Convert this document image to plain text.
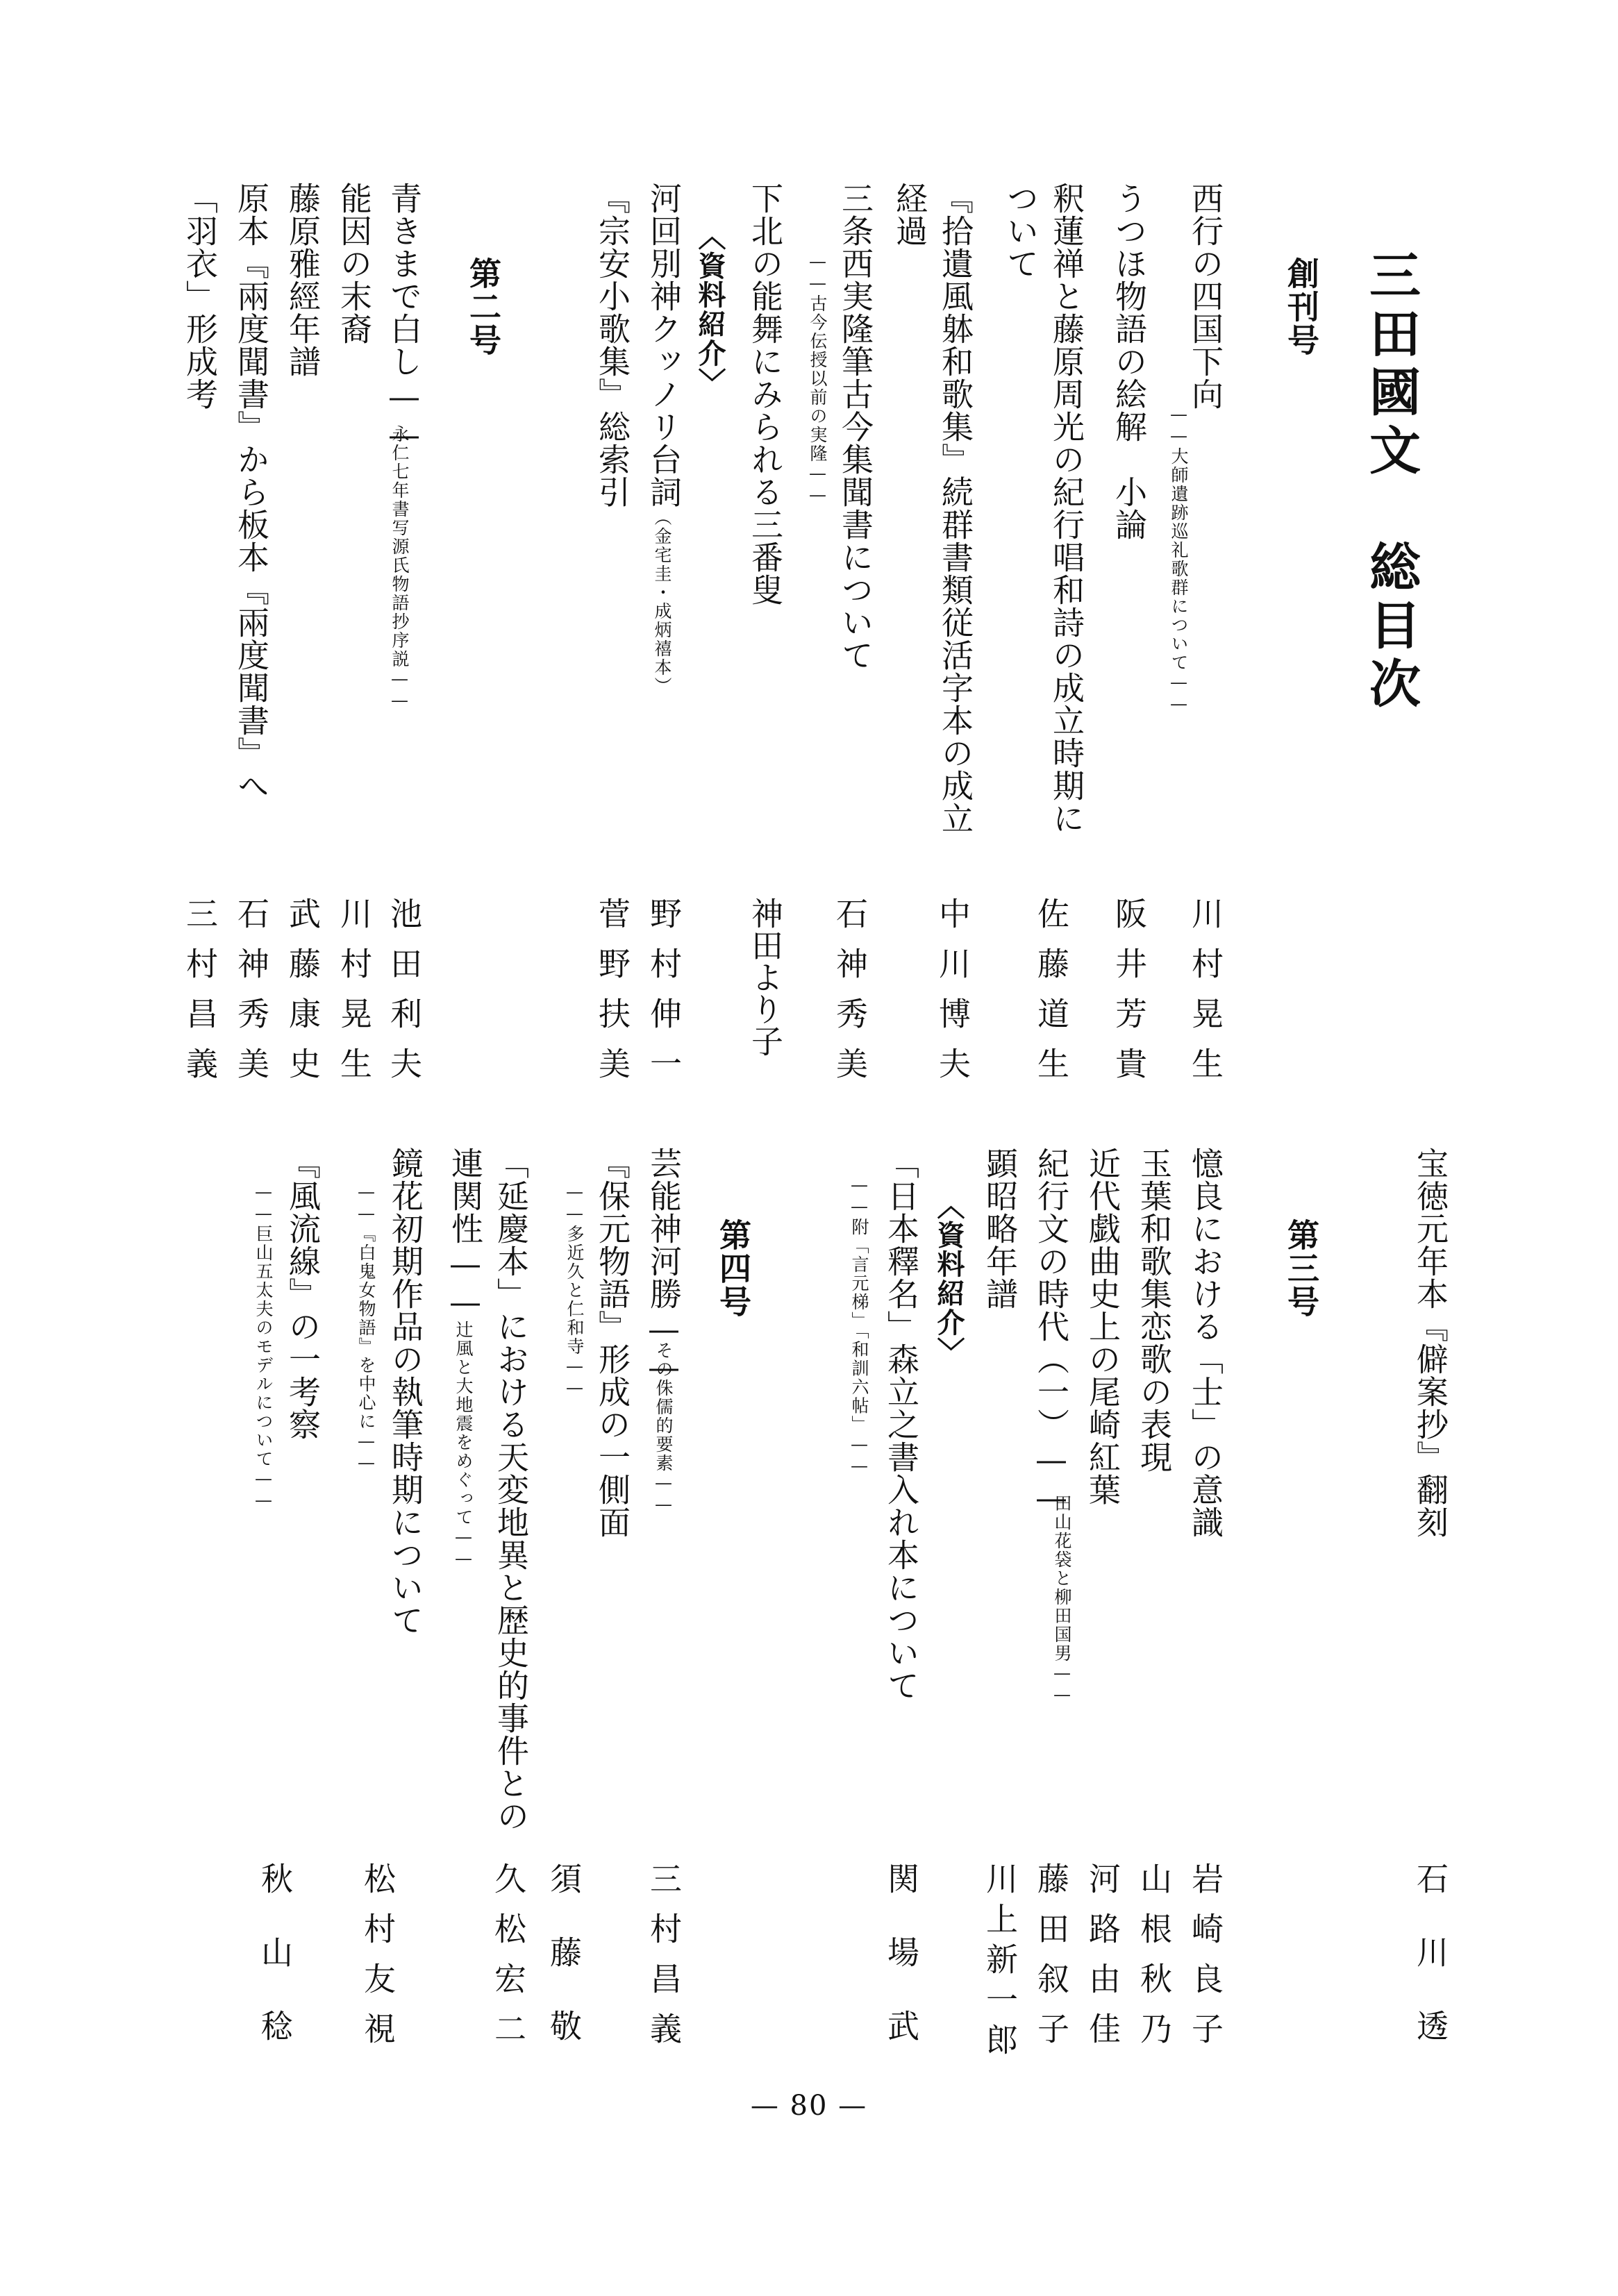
三田國文　総目次
創刊号
西行の四国下向
——大師遺跡巡礼歌群について——
川村晃生
うつほ物語の絵解　小論
阪井芳貴
釈蓮禅と藤原周光の紀行唱和詩の成立時期に
ついて
佐藤道生
『拾遺風躰和歌集』続群書類従活字本の成立
経過
中川博夫
三条西実隆筆古今集聞書について
——古今伝授以前の実隆——
石神秀美
下北の能舞にみられる三番叟
神田より子
〈資料紹介〉
河回別神クッノリ台詞
（金宅圭・成炳禧本）
野村伸一
『宗安小歌集』総索引
菅野扶美
第二号
青きまで白し——
永仁七年書写源氏物語抄序説——
池田利夫
能因の末裔
川村晃生
藤原雅經年譜
武藤康史
原本『兩度聞書』から板本『兩度聞書』へ
石神秀美
「羽衣」形成考
三村昌義
宝徳元年本『僻案抄』翻刻
石川透
第三号
憶良における「士」の意識
岩崎良子
玉葉和歌集恋歌の表現
山根秋乃
近代戯曲史上の尾崎紅葉
河路由佳
紀行文の時代（一）——
田山花袋と柳田国男——
藤田叙子
顕昭略年譜
川上新一郎
〈資料紹介〉
「日本釋名」森立之書入れ本について
——附「言元梯」「和訓六帖」——
関場武
第四号
芸能神河勝——
その侏儒的要素——
三村昌義
『保元物語』形成の一側面
——多近久と仁和寺——
須藤敬
「延慶本」における天変地異と歴史的事件との
連関性——
辻風と大地震をめぐって——
久松宏二
鏡花初期作品の執筆時期について
——『白鬼女物語』を中心に——
松村友視
『風流線』の一考察
——巨山五太夫のモデルについて——
秋山稔
— 80 —
